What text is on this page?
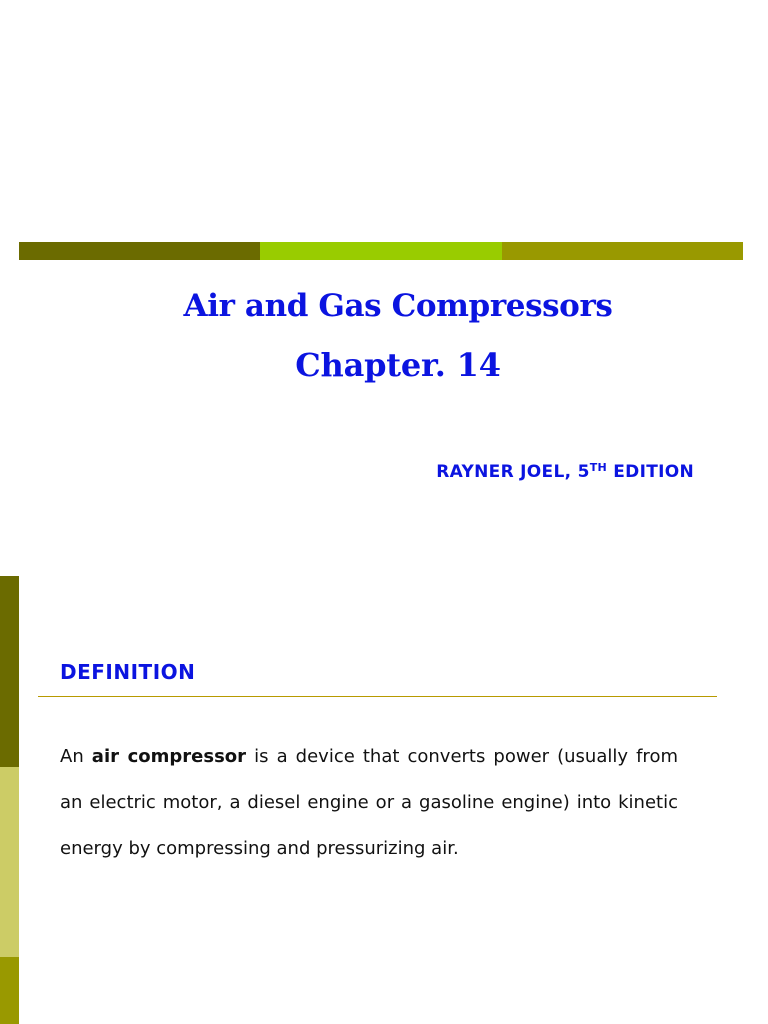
Air and Gas Compressors
Chapter. 14
RAYNER JOEL, 5TH EDITION
DEFINITION

An air compressor is a device that converts power (usually from an electric motor, a diesel engine or a gasoline engine) into kinetic energy by compressing and pressurizing air.
